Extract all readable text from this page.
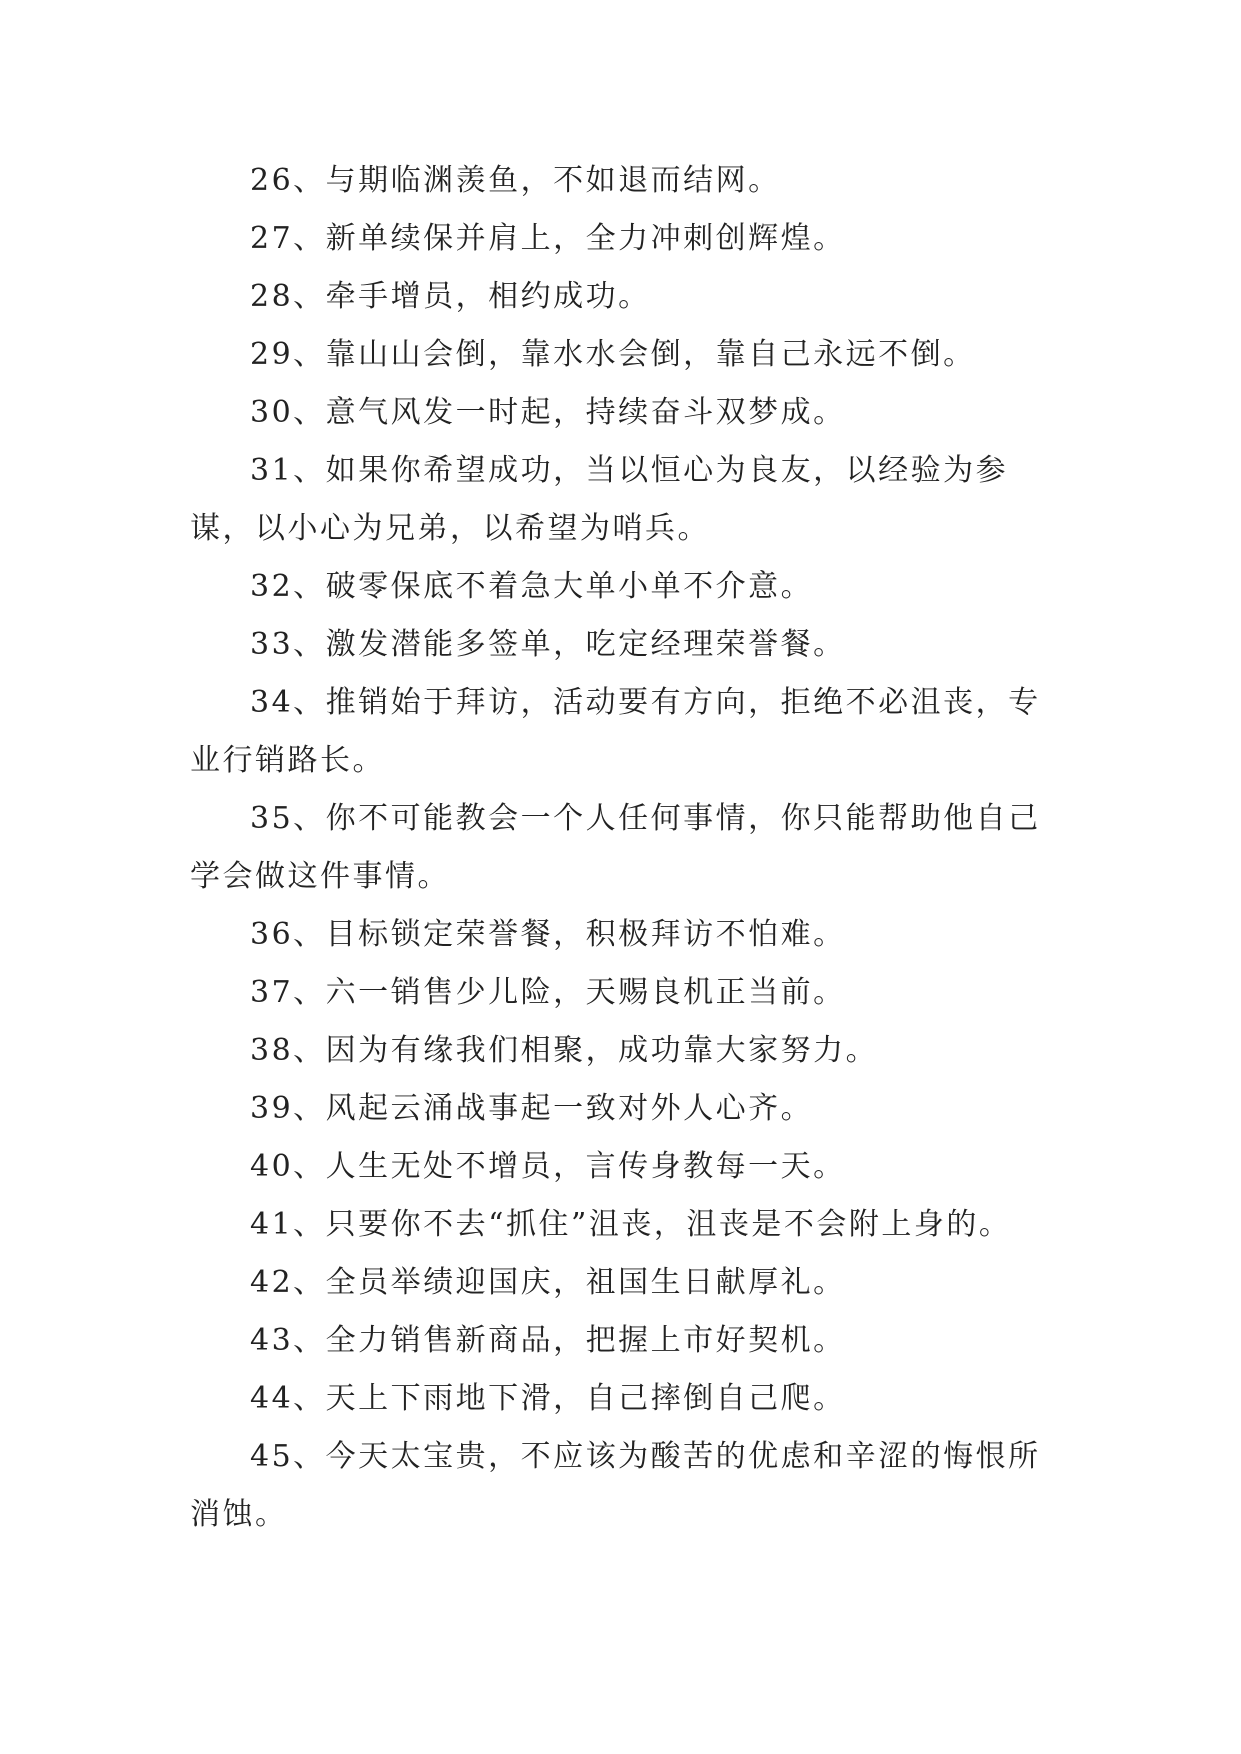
26、与期临渊羡鱼，不如退而结网。

27、新单续保并肩上，全力冲刺创辉煌。

28、牵手增员，相约成功。

29、靠山山会倒，靠水水会倒，靠自己永远不倒。

30、意气风发一时起，持续奋斗双梦成。

31、如果你希望成功，当以恒心为良友，以经验为参谋，以小心为兄弟，以希望为哨兵。

32、破零保底不着急大单小单不介意。

33、激发潜能多签单，吃定经理荣誉餐。

34、推销始于拜访，活动要有方向，拒绝不必沮丧，专业行销路长。

35、你不可能教会一个人任何事情，你只能帮助他自己学会做这件事情。

36、目标锁定荣誉餐，积极拜访不怕难。

37、六一销售少儿险，天赐良机正当前。

38、因为有缘我们相聚，成功靠大家努力。

39、风起云涌战事起一致对外人心齐。

40、人生无处不增员，言传身教每一天。

41、只要你不去“抓住”沮丧，沮丧是不会附上身的。

42、全员举绩迎国庆，祖国生日献厚礼。

43、全力销售新商品，把握上市好契机。

44、天上下雨地下滑，自己摔倒自己爬。

45、今天太宝贵，不应该为酸苦的优虑和辛涩的悔恨所消蚀。
